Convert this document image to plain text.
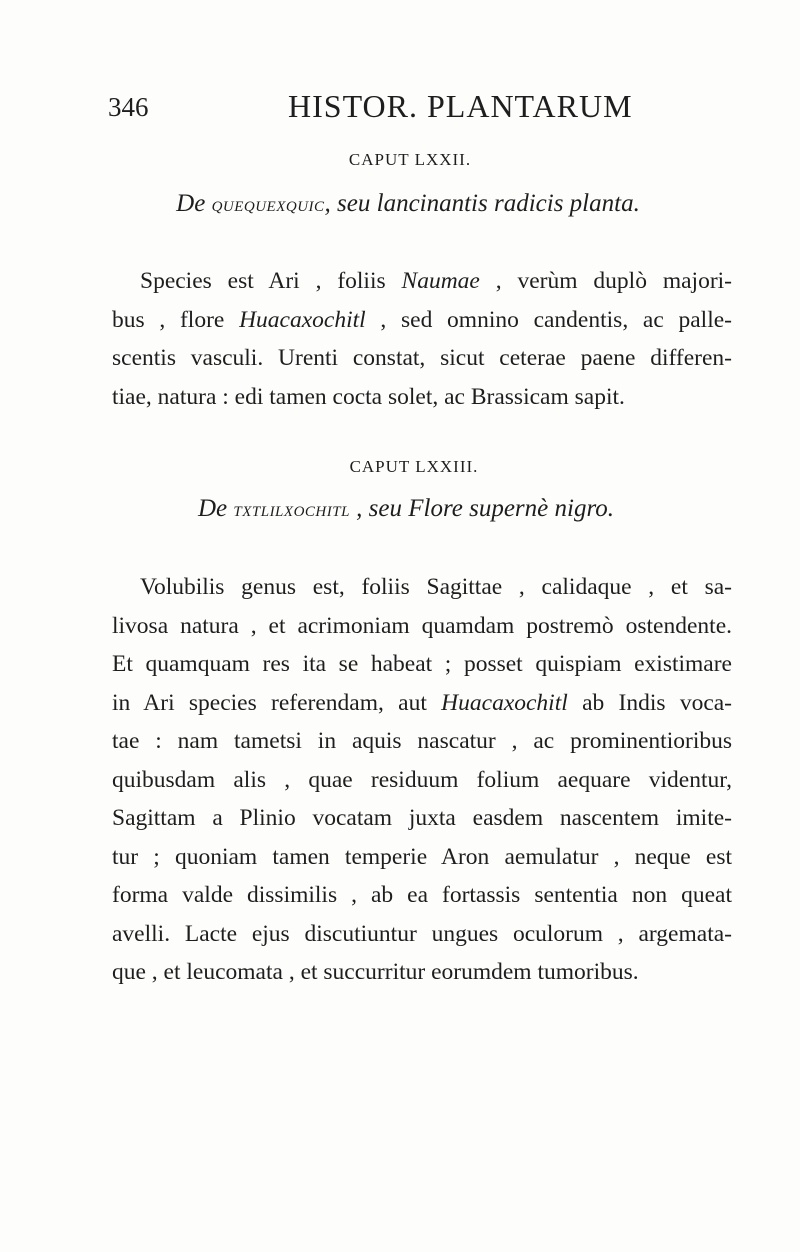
346	HISTOR. PLANTARUM
CAPUT LXXII.
De quequexquic, seu lancinantis radicis planta.
Species est Ari , foliis Naumae , verùm duplò majori-
bus , flore Huacaxochitl , sed omnino candentis, ac palle-
scentis vasculi. Urenti constat, sicut ceterae paene differen-
tiae, natura : edi tamen cocta solet, ac Brassicam sapit.
CAPUT LXXIII.
De txtlilxochitl , seu Flore supernè nigro.
Volubilis genus est, foliis Sagittae , calidaque , et sa-
livosa natura , et acrimoniam quamdam postremò ostendente.
Et quamquam res ita se habeat ; posset quispiam existimare
in Ari species referendam, aut Huacaxochitl ab Indis voca-
tae : nam tametsi in aquis nascatur , ac prominentioribus
quibusdam alis , quae residuum folium aequare videntur,
Sagittam a Plinio vocatam juxta easdem nascentem imite-
tur ; quoniam tamen temperie Aron aemulatur , neque est
forma valde dissimilis , ab ea fortassis sententia non queat
avelli. Lacte ejus discutiuntur ungues oculorum , argemata-
que , et leucomata , et succurritur eorumdem tumoribus.
